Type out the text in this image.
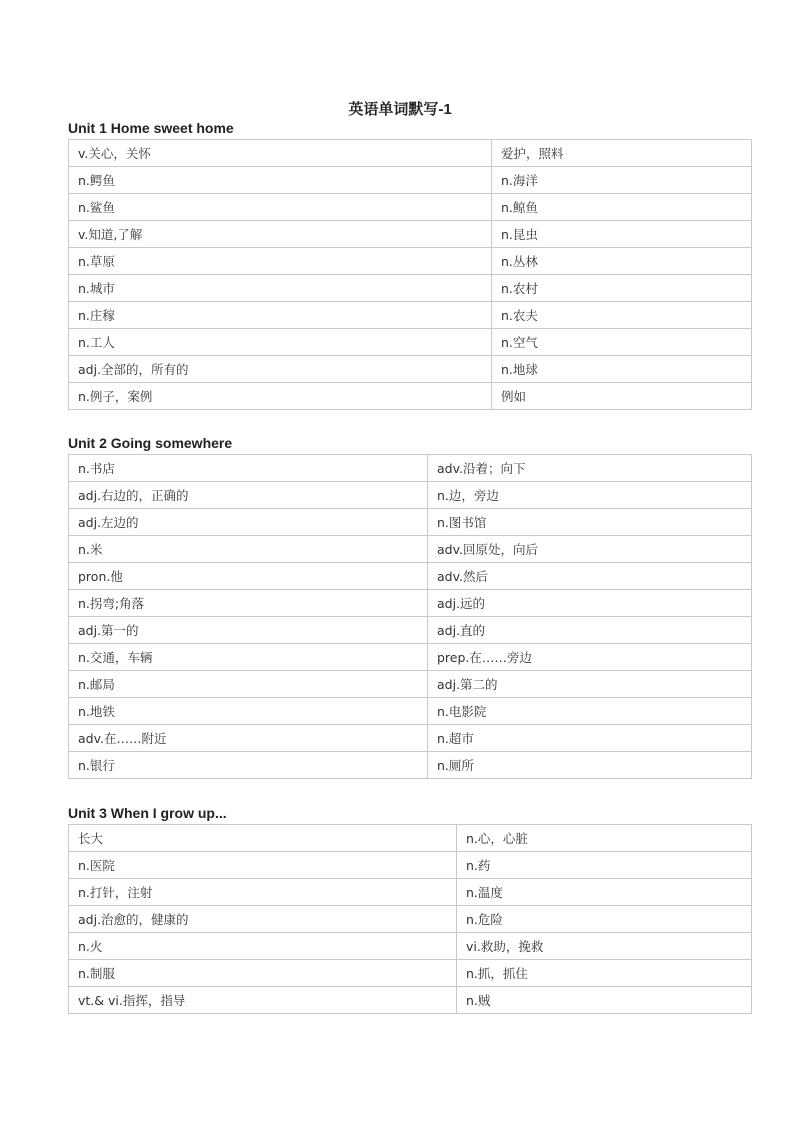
英语单词默写-1
Unit 1 Home sweet home
v.关心，关怀	爱护，照料
n.鳄鱼	n.海洋
n.鲨鱼	n.鲸鱼
v.知道,了解	n.昆虫
n.草原	n.丛林
n.城市	n.农村
n.庄稼	n.农夫
n.工人	n.空气
adj.全部的，所有的	n.地球
n.例子，案例	例如
Unit 2 Going somewhere
n.书店	adv.沿着；向下
adj.右边的，正确的	n.边，旁边
adj.左边的	n.图书馆
n.米	adv.回原处，向后
pron.他	adv.然后
n.拐弯;角落	adj.远的
adj.第一的	adj.直的
n.交通，车辆	prep.在……旁边
n.邮局	adj.第二的
n.地铁	n.电影院
adv.在……附近	n.超市
n.银行	n.厕所
Unit 3 When I grow up...
长大	n.心，心脏
n.医院	n.药
n.打针，注射	n.温度
adj.治愈的，健康的	n.危险
n.火	vi.救助，挽救
n.制服	n.抓，抓住
vt.& vi.指挥，指导	n.贼
